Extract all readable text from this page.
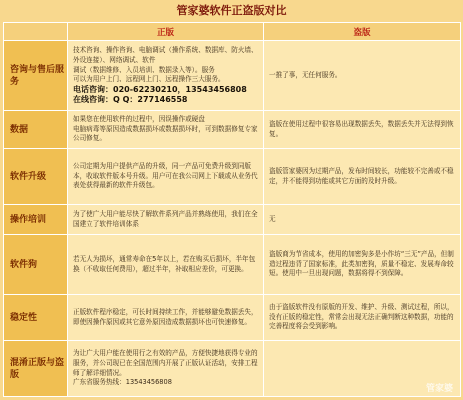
管家婆软件正盗版对比
	正版	盗版
咨询与售后服务	技术咨询、操作咨询、电脑调试（操作系统、数据库、防火墙、外设连接）、网络调试、软件
调试（数据维修、入员培训、数据录入等）。服务
可以为用户上门、远程网上门、远程操作三大服务。
电话咨询：020-62230210，13543456808
在线咨询：Q Q：277146558	一推了事，无任何服务。

数据	如果您在使用软件的过程中，因误操作或硬盘
电脑病毒等原因造成数据损坏或数据损坏时，可到数据修复专家公司修复。	盗版在使用过程中很容易出现数据丢失，数据丢失并无法得到恢复。

软件升级	公司定期为用户提供产品的升级，同一产品可免费升级到同版本，收取软件版本号升级。用户可在我公司网上下载或从业务代表处获得最新的软件升级包。	盗版管家婆因为过期产品，发布时间较长，功能较不完善或不稳定，并不能得到功能或其它方面的及时升级。

操作培训	为了使广大用户能尽快了解软件系列产品并熟练使用，我们在全国建立了软件培训体系	无

软件狗	若无人为损坏，通常寿命在5年以上，若在购买后损坏，半年包换（不收取任何费用），超过半年，补取相应差价，可更换。	盗版商为节省成本，使用的加密狗多是小作坊“三无”产品，但制造过程违背了国家标准，此类加密狗，质量不稳定、发展寿命较短。使用中一旦出现问题，数据将得不到保障。

稳定性	正版软件程序稳定，可长时间持续工作，并能够避免数据丢失，即使因操作原因或其它意外原因造成数据损坏也可快速修复。	由于盗版软件没有原版的开发、维护、升级、测试过程，所以，没有正版的稳定性，常常会出现无法正确判断这种数据，功能的完善程度将会受到影响。

混淆正版与盗版	为让广大用户能在使用行之有效的产品，方便快捷地获得专业的服务，并公司现已在全国范围内开展了正版认证活动，安排工程师了解详细情况。
广东省服务热线：13543456808	

管家婆
